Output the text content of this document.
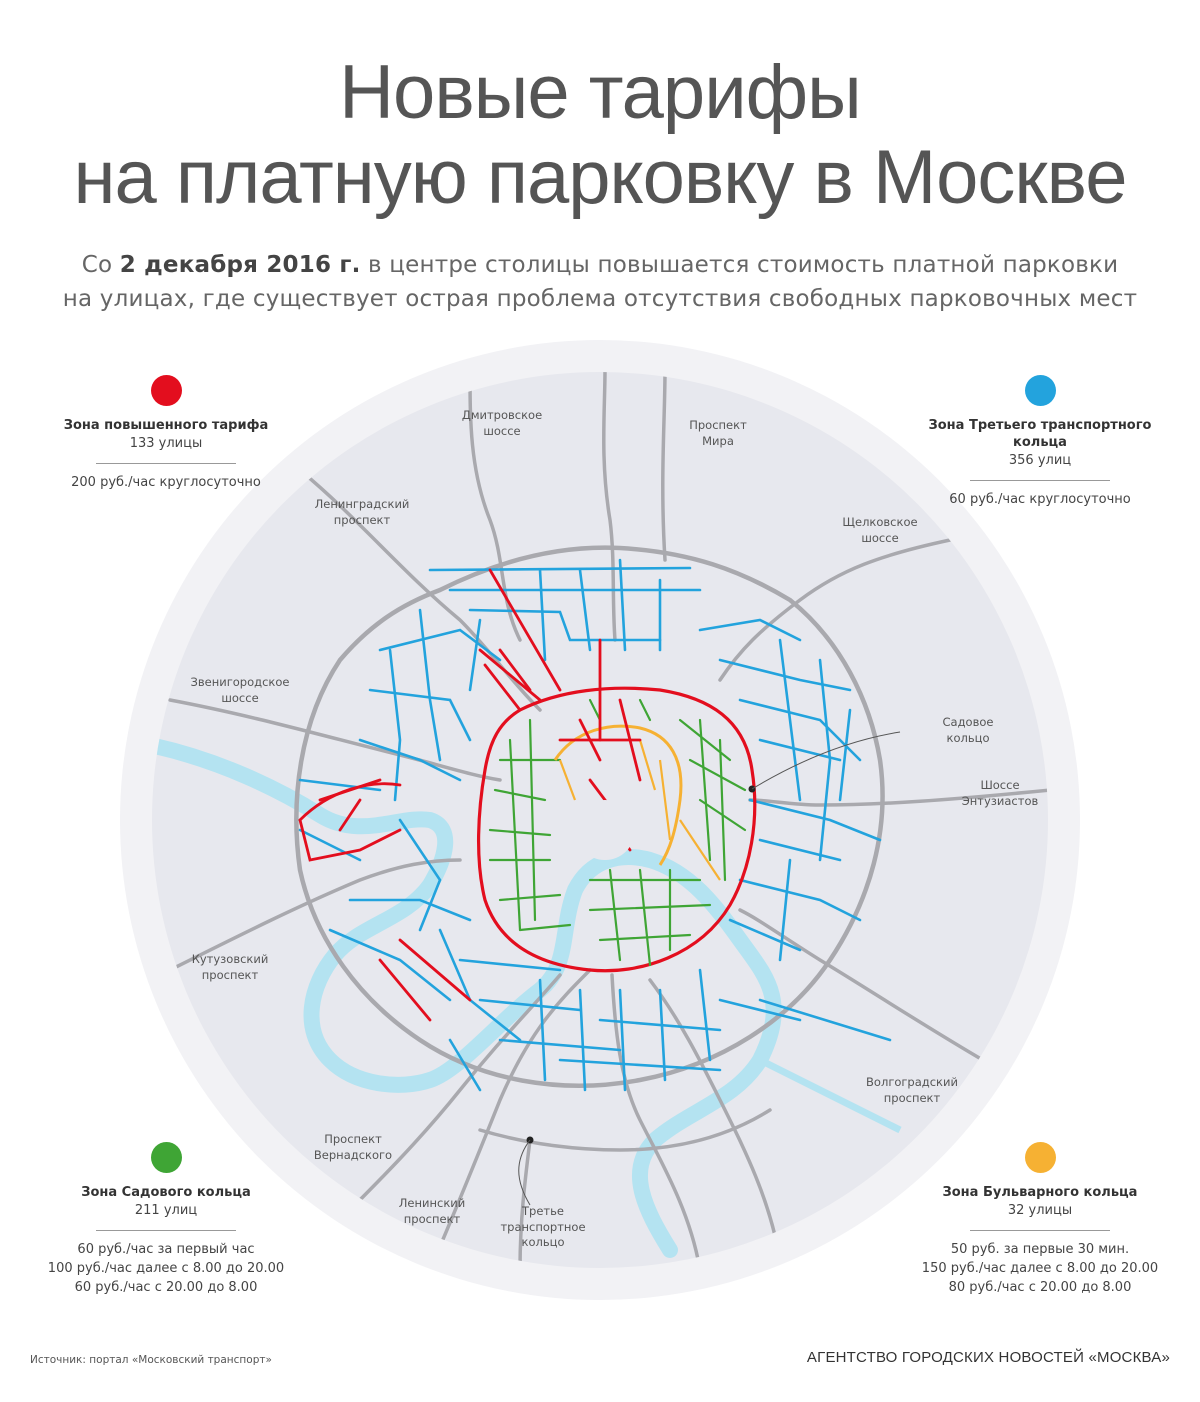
Новые тарифы
на платную парковку в Москве
Со 2 декабря 2016 г. в центре столицы повышается стоимость платной парковки
на улицах, где существует острая проблема отсутствия свободных парковочных мест
Дмитровское
шоссе	Проспект
Мира
Ленинградский
проспект	Щелковское
шоссе
Звенигородское
шоссе
Садовое
кольцо
Шоссе
Энтузиастов
Кутузовский
проспект
Волгоградский
проспект
Проспект
Вернадского
Ленинский
проспект
Третье
транспортное
кольцо
Зона повышенного тарифа
133 улицы
200 руб./час круглосуточно
Зона Третьего транспортного кольца
356 улиц
60 руб./час круглосуточно
Зона Садового кольца
211 улиц
60 руб./час за первый час
100 руб./час далее с 8.00 до 20.00
60 руб./час с 20.00 до 8.00
Зона Бульварного кольца
32 улицы
50 руб. за первые 30 мин.
150 руб./час далее с 8.00 до 20.00
80 руб./час с 20.00 до 8.00
Источник: портал «Московский транспорт»	АГЕНТСТВО ГОРОДСКИХ НОВОСТЕЙ «МОСКВА»
